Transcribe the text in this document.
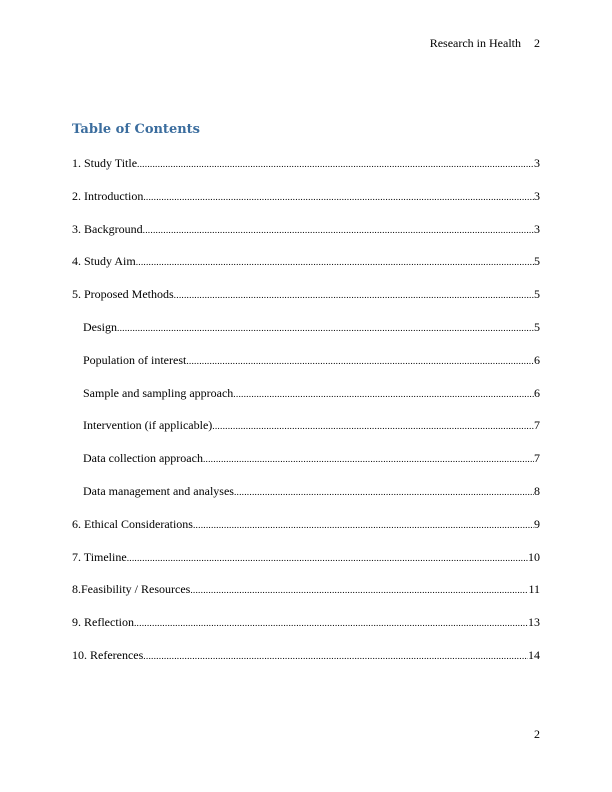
Research in Health 2
Table of Contents
1. Study Title .....	3
2. Introduction .....	3
3. Background .....	3
4. Study Aim .....	5
5. Proposed Methods .....	5
Design .....	5
Population of interest .....	6
Sample and sampling approach .....	6
Intervention (if applicable) .....	7
Data collection approach .....	7
Data management and analyses .....	8
6. Ethical Considerations .....	9
7. Timeline .....	10
8.Feasibility / Resources .....	11
9. Reflection .....	13
10. References .....	14
2
